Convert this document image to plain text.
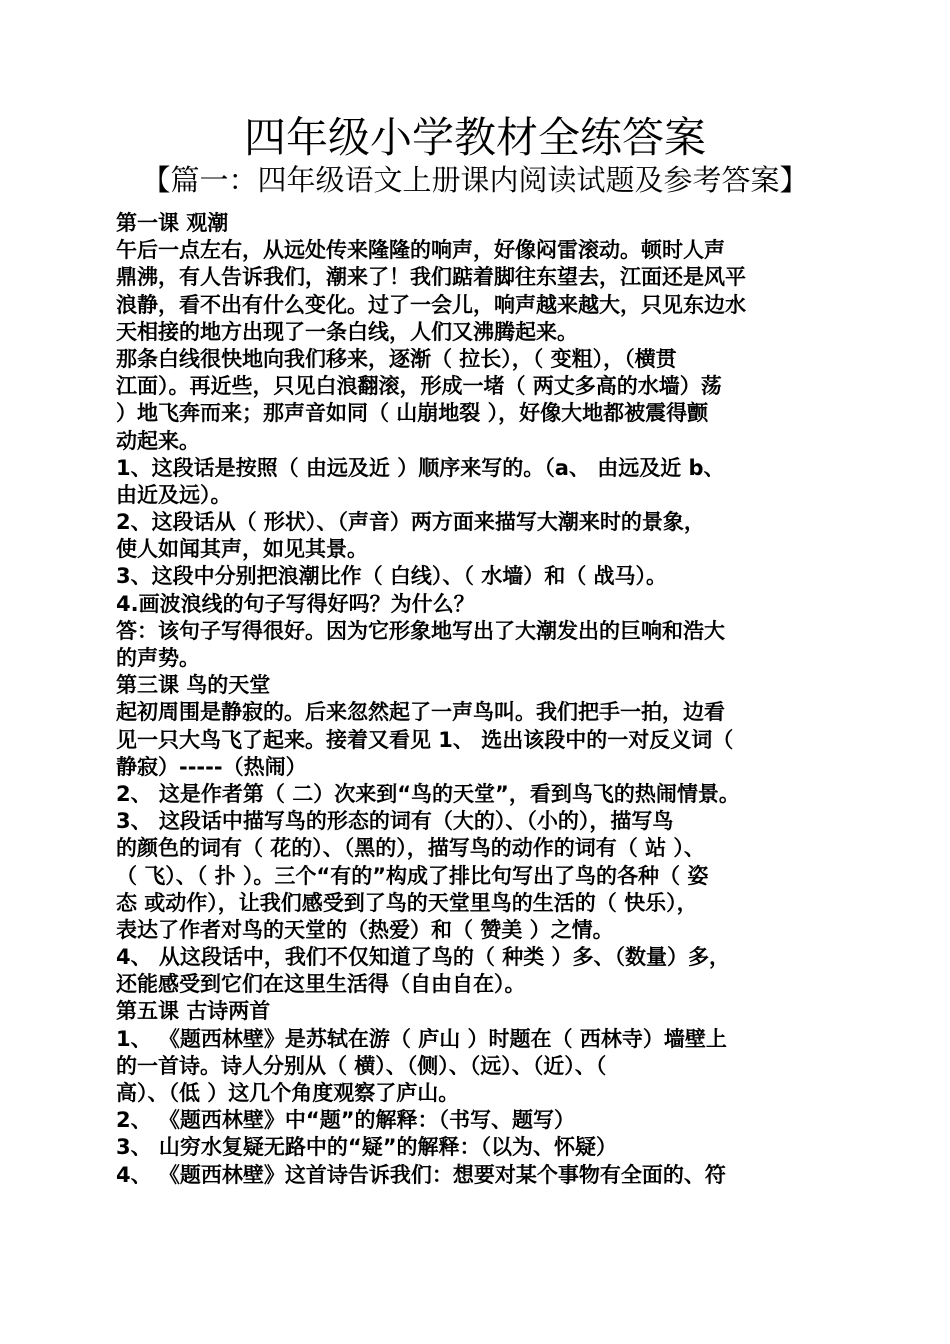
四年级小学教材全练答案
【篇一：四年级语文上册课内阅读试题及参考答案】
第一课 观潮
午后一点左右，从远处传来隆隆的响声，好像闷雷滚动。顿时人声
鼎沸，有人告诉我们，潮来了！我们踮着脚往东望去，江面还是风平
浪静，看不出有什么变化。过了一会儿，响声越来越大，只见东边水
天相接的地方出现了一条白线，人们又沸腾起来。
那条白线很快地向我们移来，逐渐（ 拉长），（ 变粗），（横贯
江面）。再近些，只见白浪翻滚，形成一堵（ 两丈多高的水墙）荡
）地飞奔而来；那声音如同（ 山崩地裂 ），好像大地都被震得颤
动起来。
1、这段话是按照（ 由远及近 ）顺序来写的。（a、 由远及近 b、
由近及远）。
2、这段话从（ 形状）、（声音）两方面来描写大潮来时的景象，
使人如闻其声，如见其景。
3、这段中分别把浪潮比作（ 白线）、（ 水墙）和（ 战马）。
4.画波浪线的句子写得好吗？为什么？
答：该句子写得很好。因为它形象地写出了大潮发出的巨响和浩大
的声势。
第三课 鸟的天堂
起初周围是静寂的。后来忽然起了一声鸟叫。我们把手一拍，边看
见一只大鸟飞了起来。接着又看见 1、 选出该段中的一对反义词（
静寂）-----（热闹）
2、 这是作者第（ 二）次来到“鸟的天堂”，看到鸟飞的热闹情景。
3、 这段话中描写鸟的形态的词有（大的）、（小的），描写鸟
的颜色的词有（ 花的）、（黑的），描写鸟的动作的词有（ 站 ）、
（ 飞）、（ 扑 ）。三个“有的”构成了排比句写出了鸟的各种（ 姿
态 或动作），让我们感受到了鸟的天堂里鸟的生活的（ 快乐），
表达了作者对鸟的天堂的（热爱）和（ 赞美 ）之情。
4、 从这段话中，我们不仅知道了鸟的（ 种类 ）多、（数量）多，
还能感受到它们在这里生活得（自由自在）。
第五课 古诗两首
1、 《题西林壁》是苏轼在游（ 庐山 ）时题在（ 西林寺）墙壁上
的一首诗。诗人分别从（ 横）、（侧）、（远）、（近）、（
高）、（低 ）这几个角度观察了庐山。
2、 《题西林壁》中“题”的解释：（书写、题写）
3、 山穷水复疑无路中的“疑”的解释：（以为、怀疑）
4、 《题西林壁》这首诗告诉我们：想要对某个事物有全面的、符
